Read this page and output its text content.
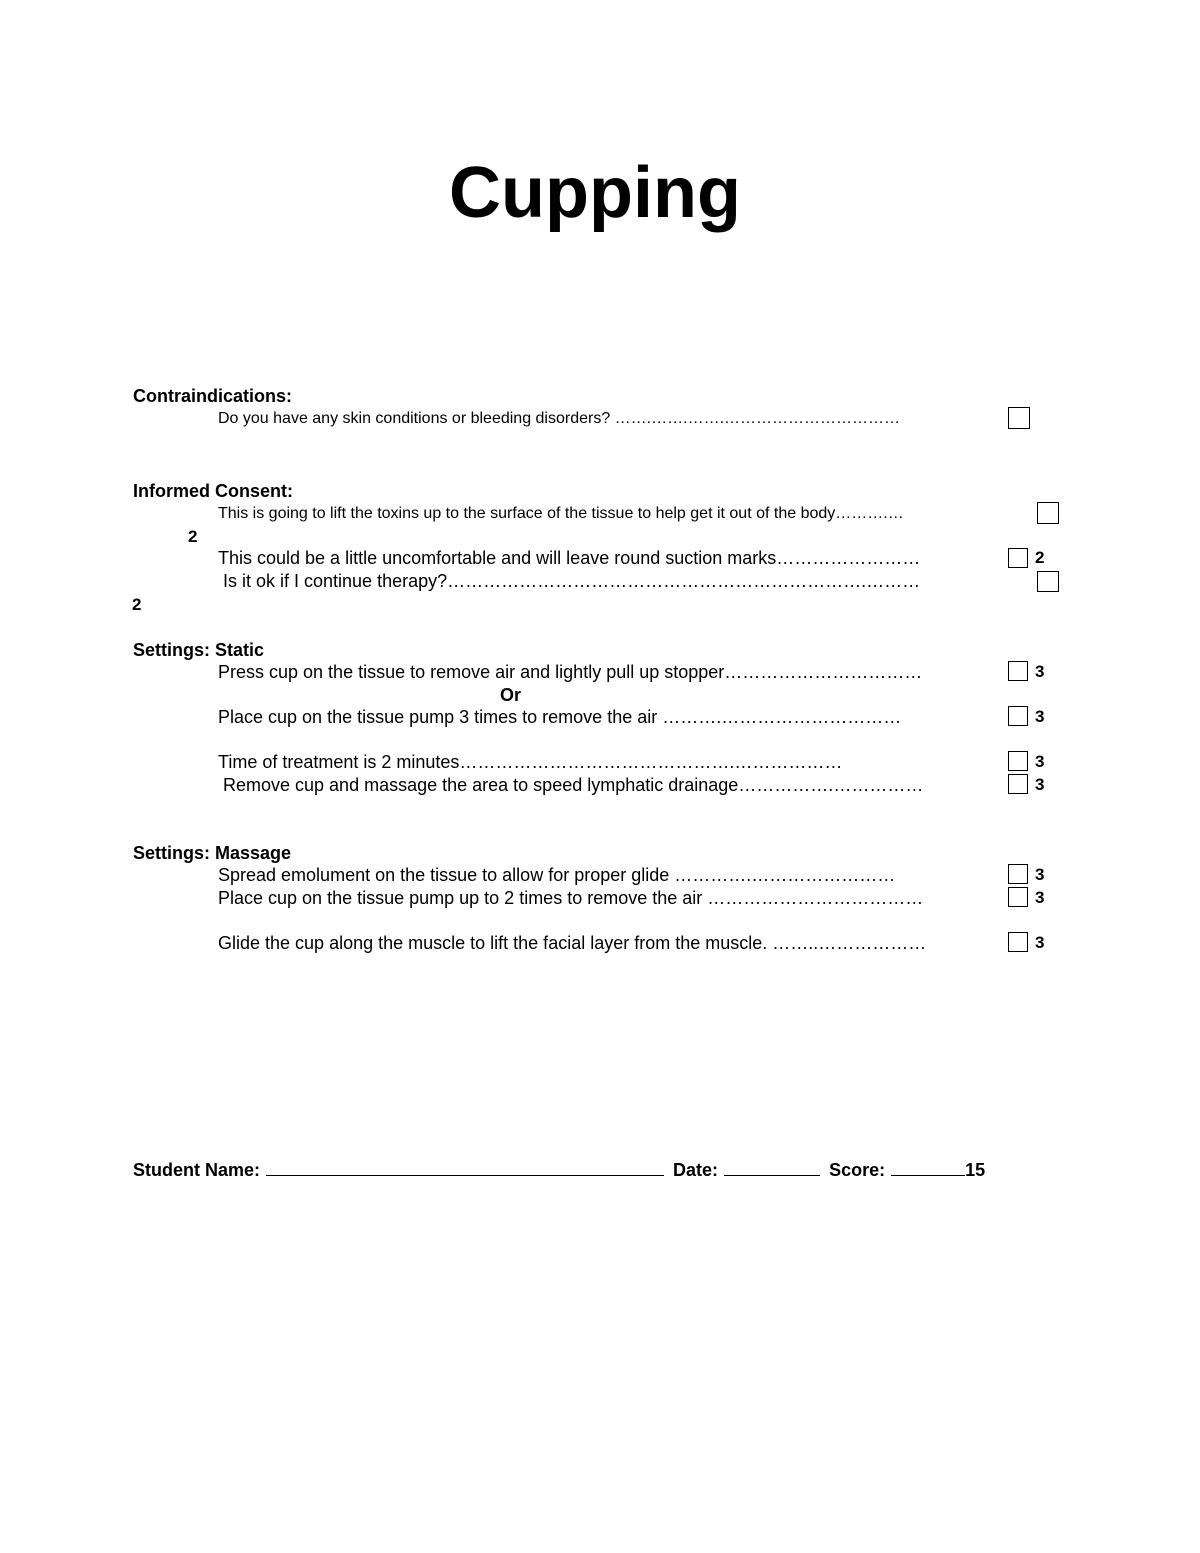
Cupping
Contraindications:
Do you have any skin conditions or bleeding disorders? …….…….…….……………………………
Informed Consent:
This is going to lift the toxins up to the surface of the tissue to help get it out of the body……….…
2
This could be a little uncomfortable and will leave round suction marks……………………	2
Is it ok if I continue therapy?…………………………………………………………….………
2
Settings: Static
Press cup on the tissue to remove air and lightly pull up stopper……………………………	3
Or
Place cup on the tissue pump 3 times to remove the air ……….…………………………	3
Time of treatment is 2 minutes……………………………………….………………	3
Remove cup and massage the area to speed lymphatic drainage…………….……………	3
Settings: Massage
Spread emolument on the tissue to allow for proper glide ………….……………………	3
Place cup on the tissue pump up to 2 times to remove the air ………………………………	3
Glide the cup along the muscle to lift the facial layer from the muscle. ……..………………	3
Student Name:	Date:	Score:	15
